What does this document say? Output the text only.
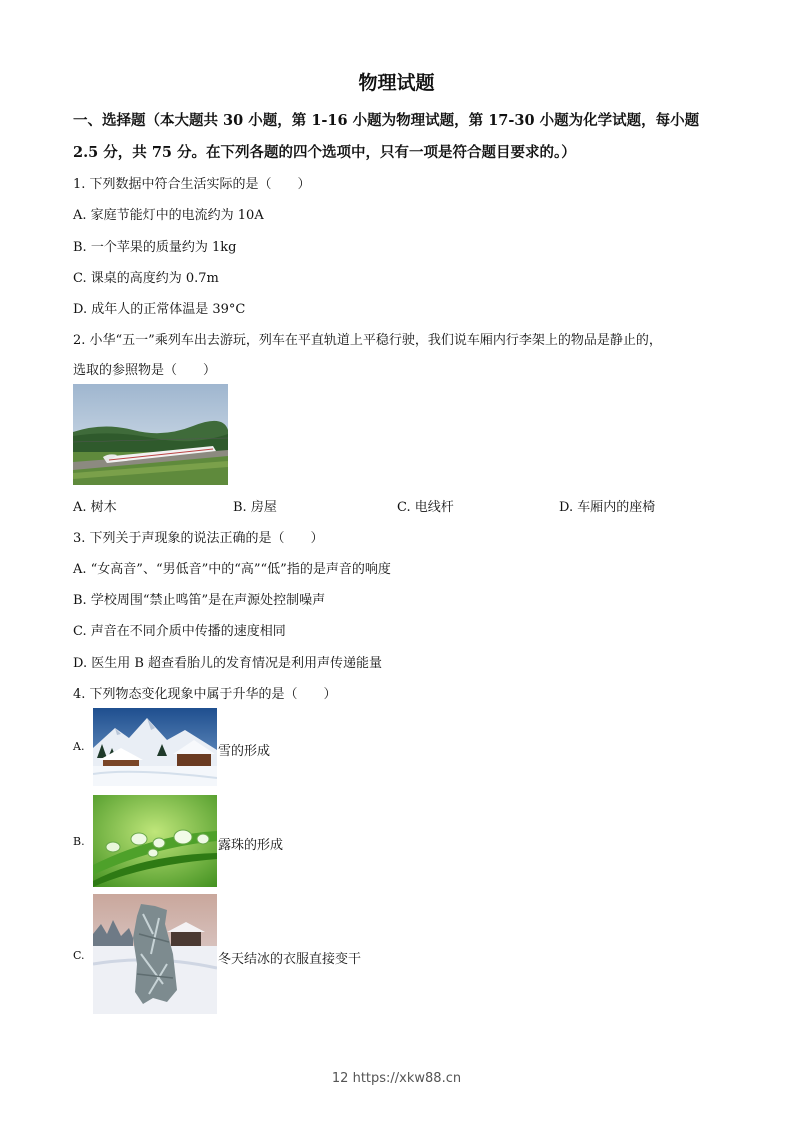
物理试题
一、选择题（本大题共 30 小题，第 1-16 小题为物理试题，第 17-30 小题为化学试题，每小题
2.5 分，共 75 分。在下列各题的四个选项中，只有一项是符合题目要求的。）
1. 下列数据中符合生活实际的是（　　）
A. 家庭节能灯中的电流约为 10A
B. 一个苹果的质量约为 1kg
C. 课桌的高度约为 0.7m
D. 成年人的正常体温是 39°C
2. 小华“五一”乘列车出去游玩，列车在平直轨道上平稳行驶，我们说车厢内行李架上的物品是静止的，
选取的参照物是（　　）
A. 树木	B. 房屋	C. 电线杆	D. 车厢内的座椅
3. 下列关于声现象的说法正确的是（　　）
A. “女高音”、“男低音”中的“高”“低”指的是声音的响度
B. 学校周围“禁止鸣笛”是在声源处控制噪声
C. 声音在不同介质中传播的速度相同
D. 医生用 B 超查看胎儿的发育情况是利用声传递能量
4. 下列物态变化现象中属于升华的是（　　）
A.	雪的形成
B.	露珠的形成
C.	冬天结冰的衣服直接变干
12 https://xkw88.cn
